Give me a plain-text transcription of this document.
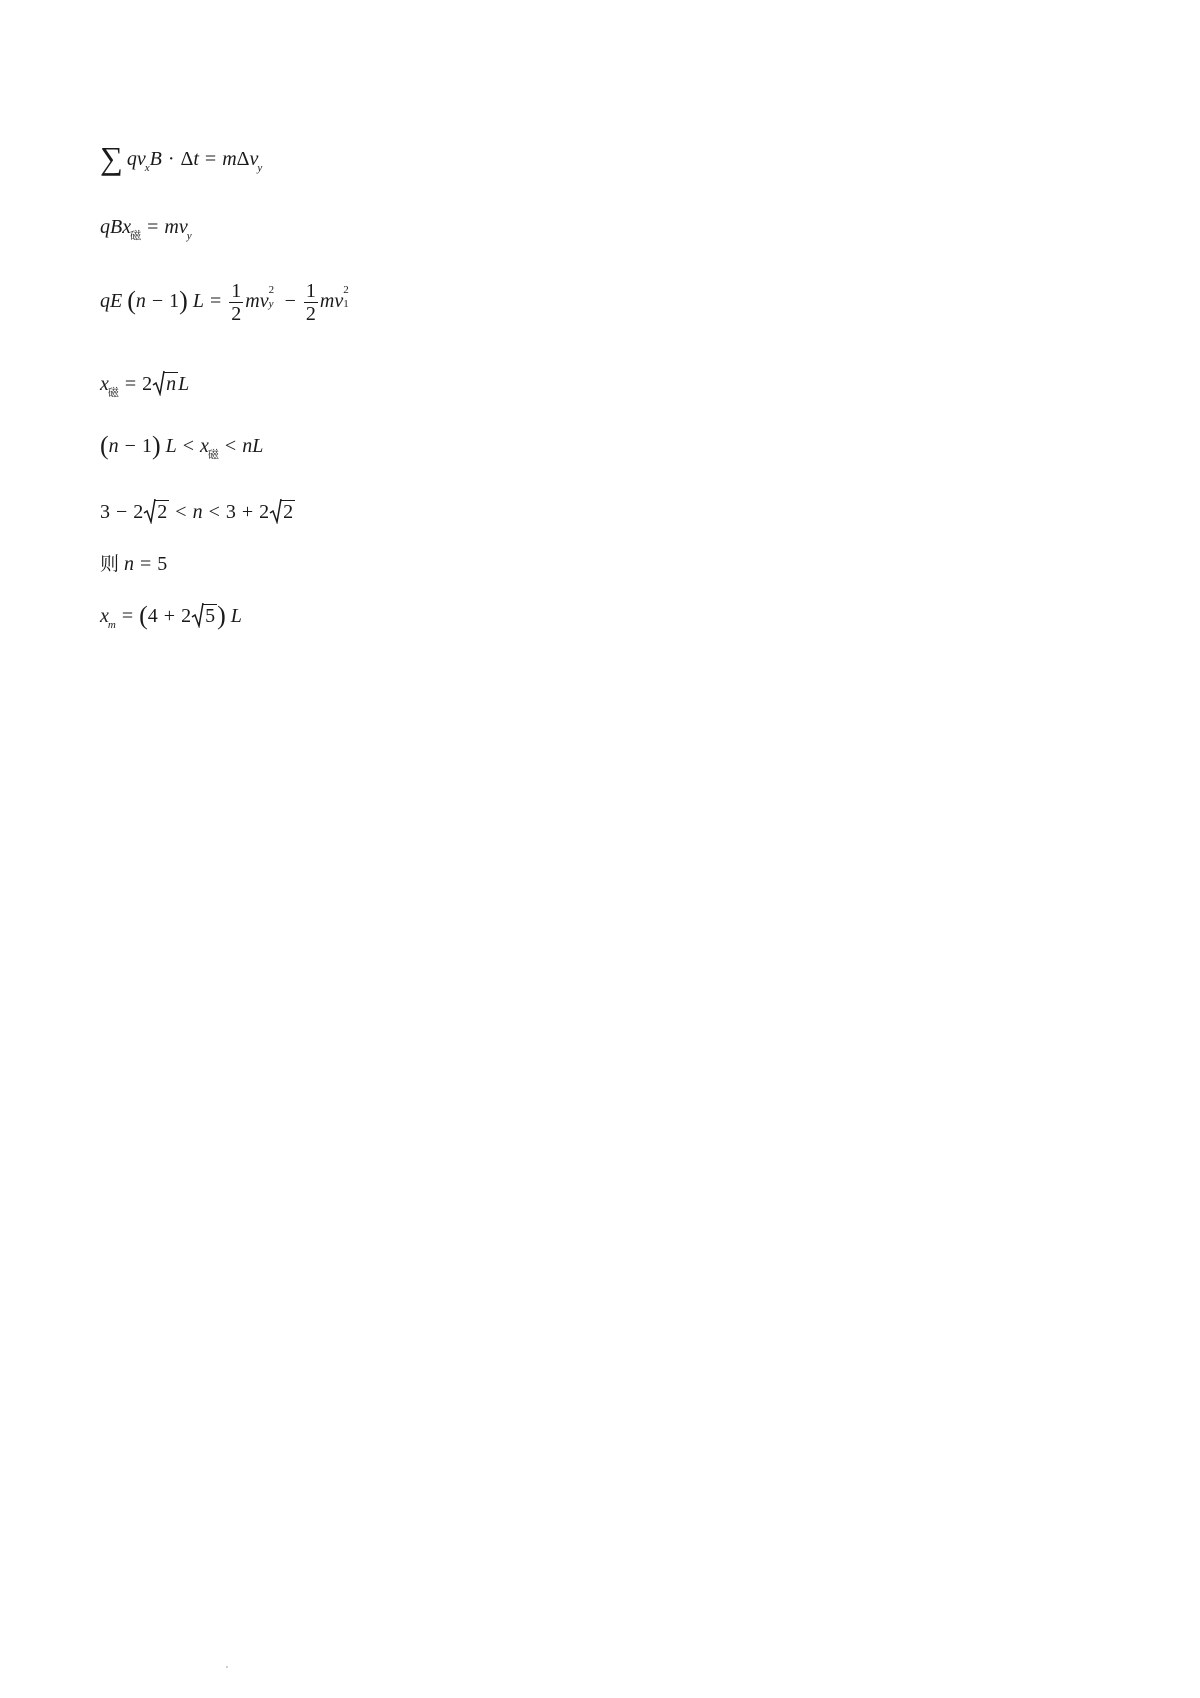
∑ $qv_xB \cdot \Delta t = m\Delta v_y$
$qBx_磁 = mv_y$
qE (n − 1) $L = \frac{1}{2}$ mv
2
$y - \frac{1}{2}$ mv
2
1
$x_磁 = 2$ n L
(n − 1) $L < x_磁$ < nL
3 − 2 2 < n < 3 + 2 2
则 n = 5
$x_m = (4 + 2$ 5) L
